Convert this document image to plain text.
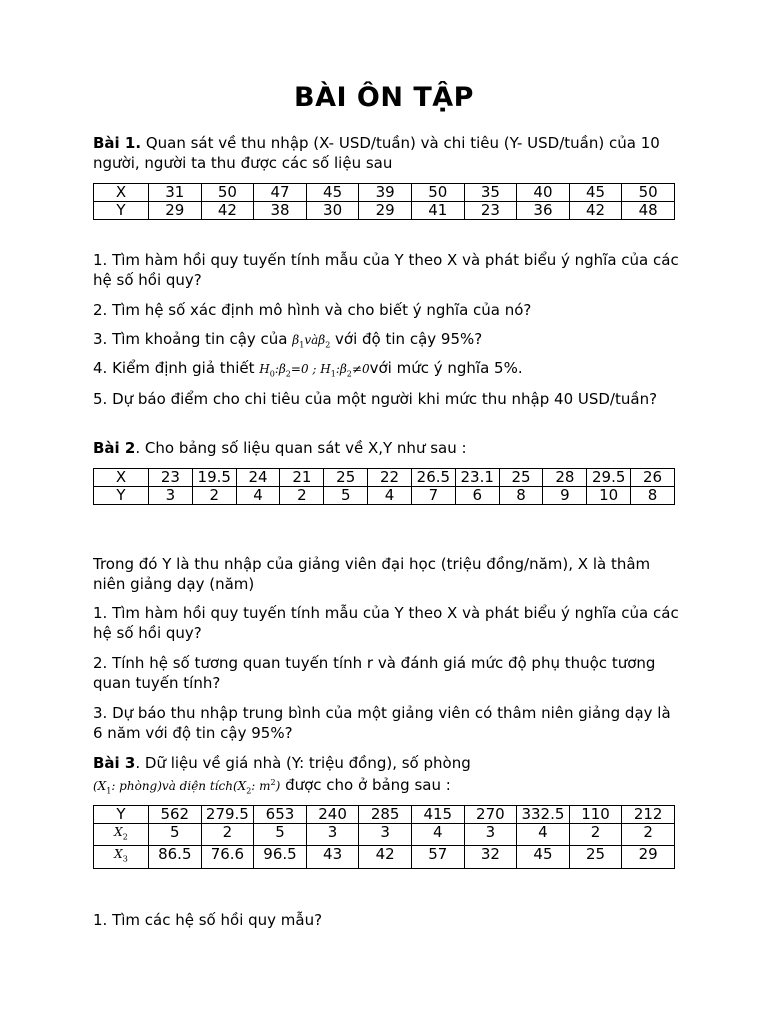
BÀI ÔN TẬP
Bài 1. Quan sát về thu nhập (X- USD/tuần) và chi tiêu (Y- USD/tuần) của 10 người, người ta thu được các số liệu sau
X	31	50	47	45	39	50	35	40	45	50
Y	29	42	38	30	29	41	23	36	42	48
1. Tìm hàm hồi quy tuyến tính mẫu của Y theo X và phát biểu ý nghĩa của các hệ số hồi quy?
2. Tìm hệ số xác định mô hình và cho biết ý nghĩa của nó?
3. Tìm khoảng tin cậy của $\beta_1và\beta_2$ với độ tin cậy 95%?
4. Kiểm định giả thiết $H_0:\beta_2=0$ ; $H_1:\beta_2\ne 0với$ mức ý nghĩa 5%.
5. Dự báo điểm cho chi tiêu của một người khi mức thu nhập 40 USD/tuần?
Bài 2. Cho bảng số liệu quan sát về X,Y như sau :
X	23	19.5	24	21	25	22	26.5	23.1	25	28	29.5	26
Y	3	2	4	2	5	4	7	6	8	9	10	8
Trong đó Y là thu nhập của giảng viên đại học (triệu đồng/năm), X là thâm niên giảng dạy (năm)
1. Tìm hàm hồi quy tuyến tính mẫu của Y theo X và phát biểu ý nghĩa của các hệ số hồi quy?
2. Tính hệ số tương quan tuyến tính r và đánh giá mức độ phụ thuộc tương quan tuyến tính?
3. Dự báo thu nhập trung bình của một giảng viên có thâm niên giảng dạy là 6 năm với độ tin cậy 95%?
Bài 3. Dữ liệu về giá nhà (Y: triệu đồng), số phòng
($X_1$: phòng)và diện $tích(X_2$: $m^2$) được cho ở bảng sau :
Y	562	279.5	653	240	285	415	270	332.5	110	212
$X_2$	5	2	5	3	3	4	3	4	2	2
$X_3$	86.5	76.6	96.5	43	42	57	32	45	25	29
1. Tìm các hệ số hồi quy mẫu?
